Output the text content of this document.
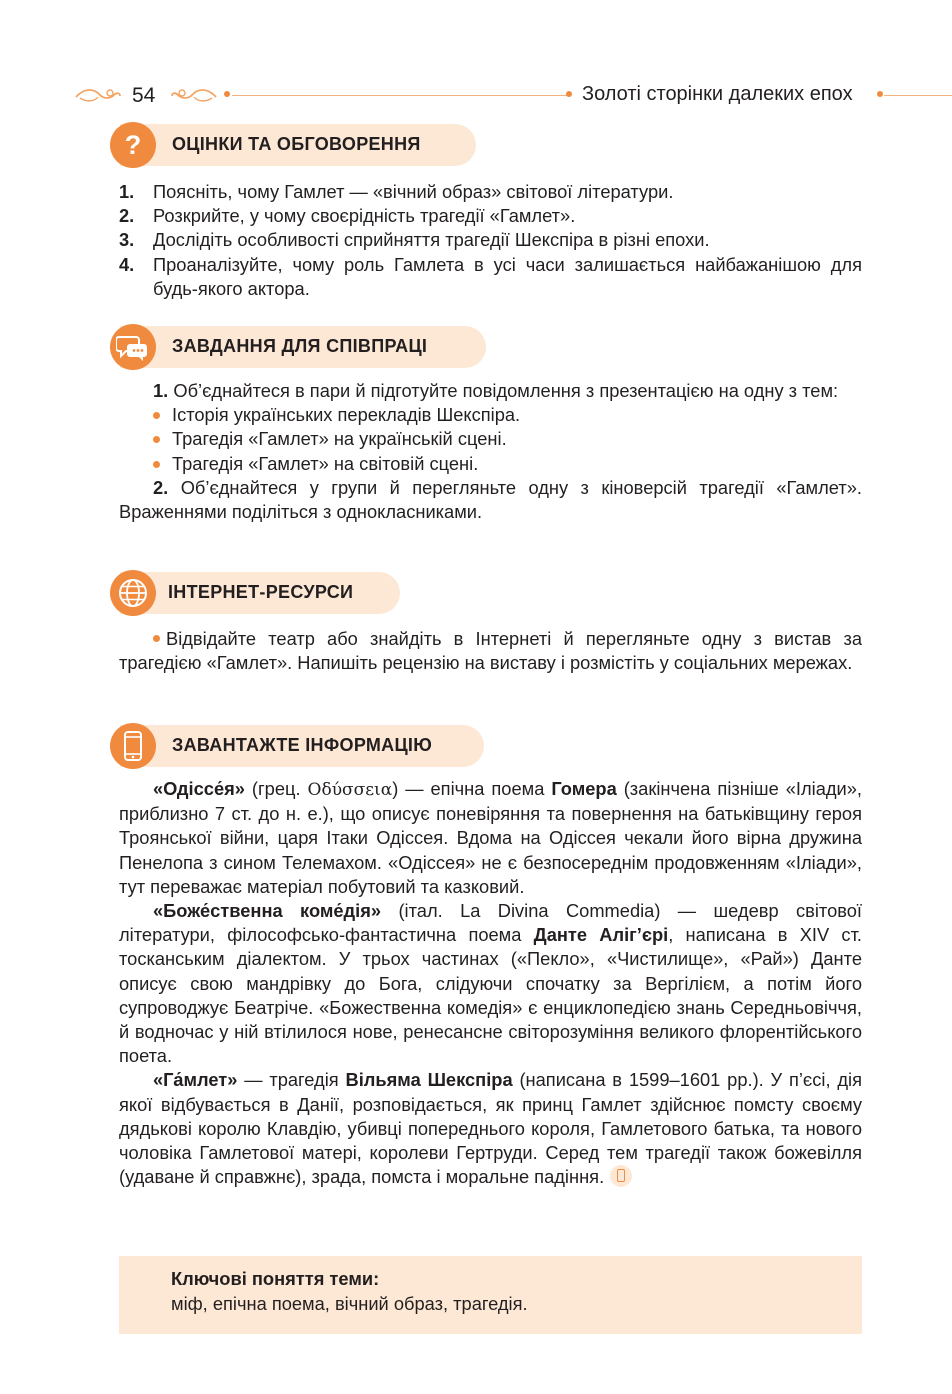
54	Золоті сторінки далеких епох
? ОЦІНКИ ТА ОБГОВОРЕННЯ
1. Поясніть, чому Гамлет — «вічний образ» світової літератури.
2. Розкрийте, у чому своєрідність трагедії «Гамлет».
3. Дослідіть особливості сприйняття трагедії Шекспіра в різні епохи.
4. Проаналізуйте, чому роль Гамлета в усі часи залишається найбажанішою для будь-якого актора.
ЗАВДАННЯ ДЛЯ СПІВПРАЦІ

1. Об’єднайтеся в пари й підготуйте повідомлення з презентацією на одну з тем:

Історія українських перекладів Шекспіра.
Трагедія «Гамлет» на українській сцені.
Трагедія «Гамлет» на світовій сцені.

2. Об’єднайтеся у групи й перегляньте одну з кіноверсій трагедії «Гамлет». Враженнями поділіться з однокласниками.

ІНТЕРНЕТ-РЕСУРСИ

Відвідайте театр або знайдіть в Інтернеті й перегляньте одну з вистав за трагедією «Гамлет». Напишіть рецензію на виставу і розмістіть у соціальних мережах.

ЗАВАНТАЖТЕ ІНФОРМАЦІЮ

«Одіссе́я» (грец. Οδύσσεια) — епічна поема Гомера (закінчена пізніше «Іліади», приблизно 7 ст. до н. е.), що описує поневіряння та повернення на батьківщину героя Троянської війни, царя Ітаки Одіссея. Вдома на Одіссея чекали його вірна дружина Пенелопа з сином Телемахом. «Одіссея» не є безпосереднім продовженням «Іліади», тут переважає матеріал побутовий та казковий.

«Боже́ственна коме́дія» (італ. La Divina Commedia) — шедевр світової літератури, філософсько-фантастична поема Данте Аліг’єрі, написана в XIV ст. тосканським діалектом. У трьох частинах («Пекло», «Чистилище», «Рай») Данте описує свою мандрівку до Бога, слідуючи спочатку за Вергілієм, а потім його супроводжує Беатріче. «Божественна комедія» є енциклопедією знань Середньовіччя, й водночас у ній втілилося нове, ренесансне світорозуміння великого флорентійського поета.

«Га́млет» — трагедія Вільяма Шекспіра (написана в 1599–1601 рр.). У п’єсі, дія якої відбувається в Данії, розповідається, як принц Гамлет здійснює помсту своєму дядькові королю Клавдію, убивці попереднього короля, Гамлетового батька, та нового чоловіка Гамлетової матері, королеви Гертруди. Серед тем трагедії також божевілля (удаване й справжнє), зрада, помста і моральне падіння.

Ключові поняття теми:
міф, епічна поема, вічний образ, трагедія.
